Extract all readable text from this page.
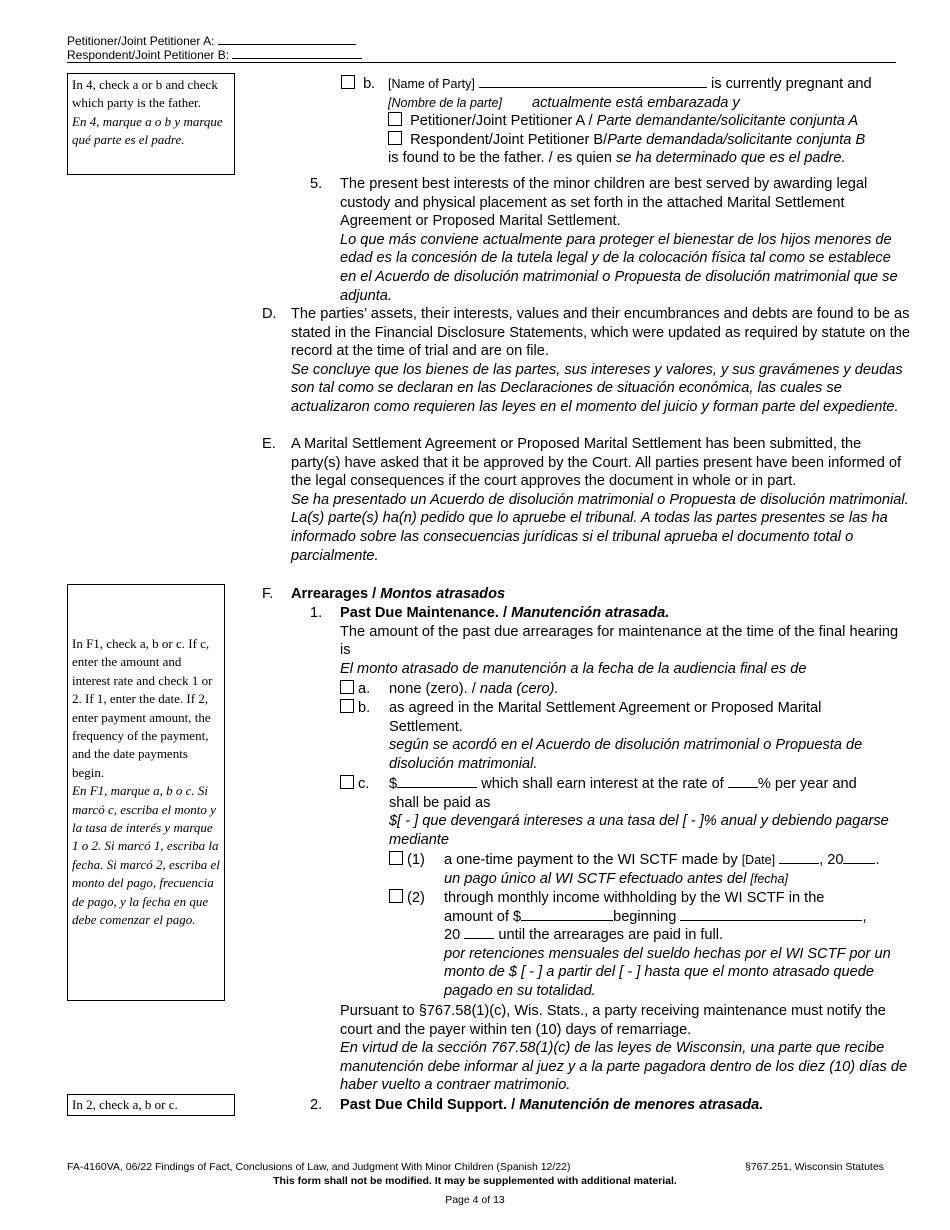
Petitioner/Joint Petitioner A:
Respondent/Joint Petitioner B:
In 4, check a or b and check which party is the father.
En 4, marque a o b y marque qué parte es el padre.
In F1, check a, b or c. If c, enter the amount and interest rate and check 1 or 2. If 1, enter the date. If 2, enter payment amount, the frequency of the payment, and the date payments begin.
En F1, marque a, b o c. Si marcó c, escriba el monto y la tasa de interés y marque 1 o 2. Si marcó 1, escriba la fecha. Si marcó 2, escriba el monto del pago, frecuencia de pago, y la fecha en que debe comenzar el pago.
In 2, check a, b or c.
b. [Name of Party]	is currently pregnant and
[Nombre de la parte] actualmente está embarazada y
Petitioner/Joint Petitioner A / Parte demandante/solicitante conjunta A
Respondent/Joint Petitioner B/Parte demandada/solicitante conjunta B
is found to be the father. / es quien se ha determinado que es el padre.
5. The present best interests of the minor children are best served by awarding legal custody and physical placement as set forth in the attached Marital Settlement Agreement or Proposed Marital Settlement.
Lo que más conviene actualmente para proteger el bienestar de los hijos menores de edad es la concesión de la tutela legal y de la colocación física tal como se establece en el Acuerdo de disolución matrimonial o Propuesta de disolución matrimonial que se adjunta.
D. The parties’ assets, their interests, values and their encumbrances and debts are found to be as stated in the Financial Disclosure Statements, which were updated as required by statute on the record at the time of trial and are on file.
Se concluye que los bienes de las partes, sus intereses y valores, y sus gravámenes y deudas son tal como se declaran en las Declaraciones de situación económica, las cuales se actualizaron como requieren las leyes en el momento del juicio y forman parte del expediente.
E. A Marital Settlement Agreement or Proposed Marital Settlement has been submitted, the party(s) have asked that it be approved by the Court. All parties present have been informed of the legal consequences if the court approves the document in whole or in part.
Se ha presentado un Acuerdo de disolución matrimonial o Propuesta de disolución matrimonial. La(s) parte(s) ha(n) pedido que lo apruebe el tribunal. A todas las partes presentes se las ha informado sobre las consecuencias jurídicas si el tribunal aprueba el documento total o parcialmente.
F. Arrearages / Montos atrasados
1. Past Due Maintenance. / Manutención atrasada.
The amount of the past due arrearages for maintenance at the time of the final hearing is
El monto atrasado de manutención a la fecha de la audiencia final es de
a. none (zero). / nada (cero).
b. as agreed in the Marital Settlement Agreement or Proposed Marital Settlement.
según se acordó en el Acuerdo de disolución matrimonial o Propuesta de disolución matrimonial.
c. $	which shall earn interest at the rate of % per year and
shall be paid as
$[ - ] que devengará intereses a una tasa del [ - ]% anual y debiendo pagarse mediante
(1) a one-time payment to the WI SCTF made by [Date]	, 20 .
un pago único al WI SCTF efectuado antes del [fecha]
(2) through monthly income withholding by the WI SCTF in the
amount of $	beginning	,
20	until the arrearages are paid in full.
por retenciones mensuales del sueldo hechas por el WI SCTF por un monto de $ [ - ] a partir del [ - ] hasta que el monto atrasado quede pagado en su totalidad.
Pursuant to §767.58(1)(c), Wis. Stats., a party receiving maintenance must notify the court and the payer within ten (10) days of remarriage.
En virtud de la sección 767.58(1)(c) de las leyes de Wisconsin, una parte que recibe manutención debe informar al juez y a la parte pagadora dentro de los diez (10) días de haber vuelto a contraer matrimonio.
2. Past Due Child Support. / Manutención de menores atrasada.
FA-4160VA, 06/22 Findings of Fact, Conclusions of Law, and Judgment With Minor Children (Spanish 12/22)	§767.251, Wisconsin Statutes
This form shall not be modified. It may be supplemented with additional material.
Page 4 of 13
